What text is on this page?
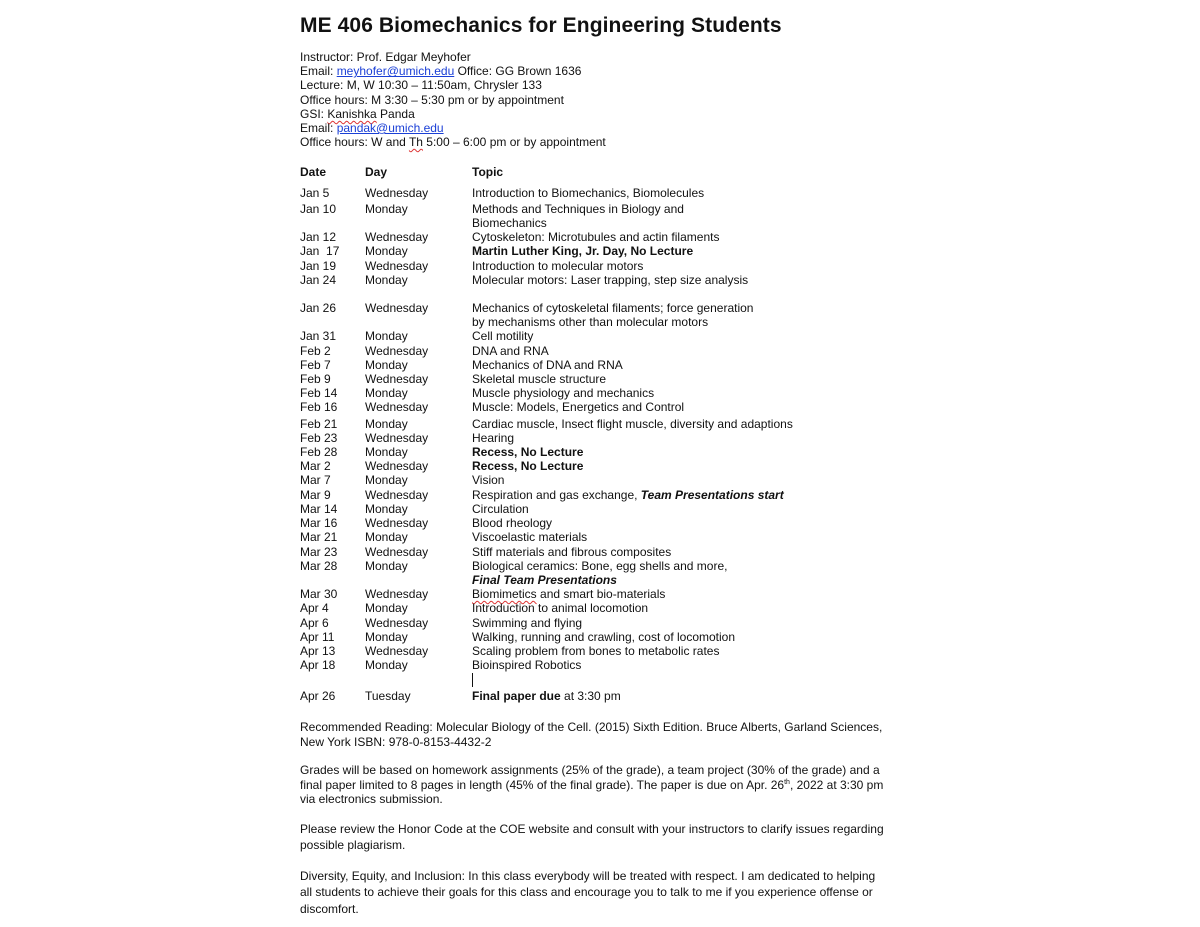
ME 406 Biomechanics for Engineering Students
Instructor: Prof. Edgar Meyhofer
Email: meyhofer@umich.edu Office: GG Brown 1636
Lecture: M, W 10:30 – 11:50am, Chrysler 133
Office hours: M 3:30 – 5:30 pm or by appointment
GSI: Kanishka Panda
Email: pandak@umich.edu
Office hours: W and Th 5:00 – 6:00 pm or by appointment
Date	Day	Topic
Jan 5	Wednesday	Introduction to Biomechanics, Biomolecules
Jan 10	Monday	Methods and Techniques in Biology and
Biomechanics
Jan 12	Wednesday	Cytoskeleton: Microtubules and actin filaments
Jan  17	Monday	Martin Luther King, Jr. Day, No Lecture
Jan 19	Wednesday	Introduction to molecular motors
Jan 24	Monday	Molecular motors: Laser trapping, step size analysis
Jan 26	Wednesday	Mechanics of cytoskeletal filaments; force generation
by mechanisms other than molecular motors
Jan 31	Monday	Cell motility
Feb 2	Wednesday	DNA and RNA
Feb 7	Monday	Mechanics of DNA and RNA
Feb 9	Wednesday	Skeletal muscle structure
Feb 14	Monday	Muscle physiology and mechanics
Feb 16	Wednesday	Muscle: Models, Energetics and Control
Feb 21	Monday	Cardiac muscle, Insect flight muscle, diversity and adaptions
Feb 23	Wednesday	Hearing
Feb 28	Monday	Recess, No Lecture
Mar 2	Wednesday	Recess, No Lecture
Mar 7	Monday	Vision
Mar 9	Wednesday	Respiration and gas exchange, Team Presentations start
Mar 14	Monday	Circulation
Mar 16	Wednesday	Blood rheology
Mar 21	Monday	Viscoelastic materials
Mar 23	Wednesday	Stiff materials and fibrous composites
Mar 28	Monday	Biological ceramics: Bone, egg shells and more,
Final Team Presentations
Mar 30	Wednesday	Biomimetics and smart bio-materials
Apr 4	Monday	Introduction to animal locomotion
Apr 6	Wednesday	Swimming and flying
Apr 11	Monday	Walking, running and crawling, cost of locomotion
Apr 13	Wednesday	Scaling problem from bones to metabolic rates
Apr 18	Monday	Bioinspired Robotics
Apr 26	Tuesday	Final paper due at 3:30 pm
Recommended Reading: Molecular Biology of the Cell. (2015) Sixth Edition. Bruce Alberts, Garland Sciences, New York ISBN: 978-0-8153-4432-2
Grades will be based on homework assignments (25% of the grade), a team project (30% of the grade) and a final paper limited to 8 pages in length (45% of the final grade). The paper is due on Apr. 26th, 2022 at 3:30 pm via electronics submission.
Please review the Honor Code at the COE website and consult with your instructors to clarify issues regarding possible plagiarism.
Diversity, Equity, and Inclusion: In this class everybody will be treated with respect. I am dedicated to helping all students to achieve their goals for this class and encourage you to talk to me if you experience offense or discomfort.
